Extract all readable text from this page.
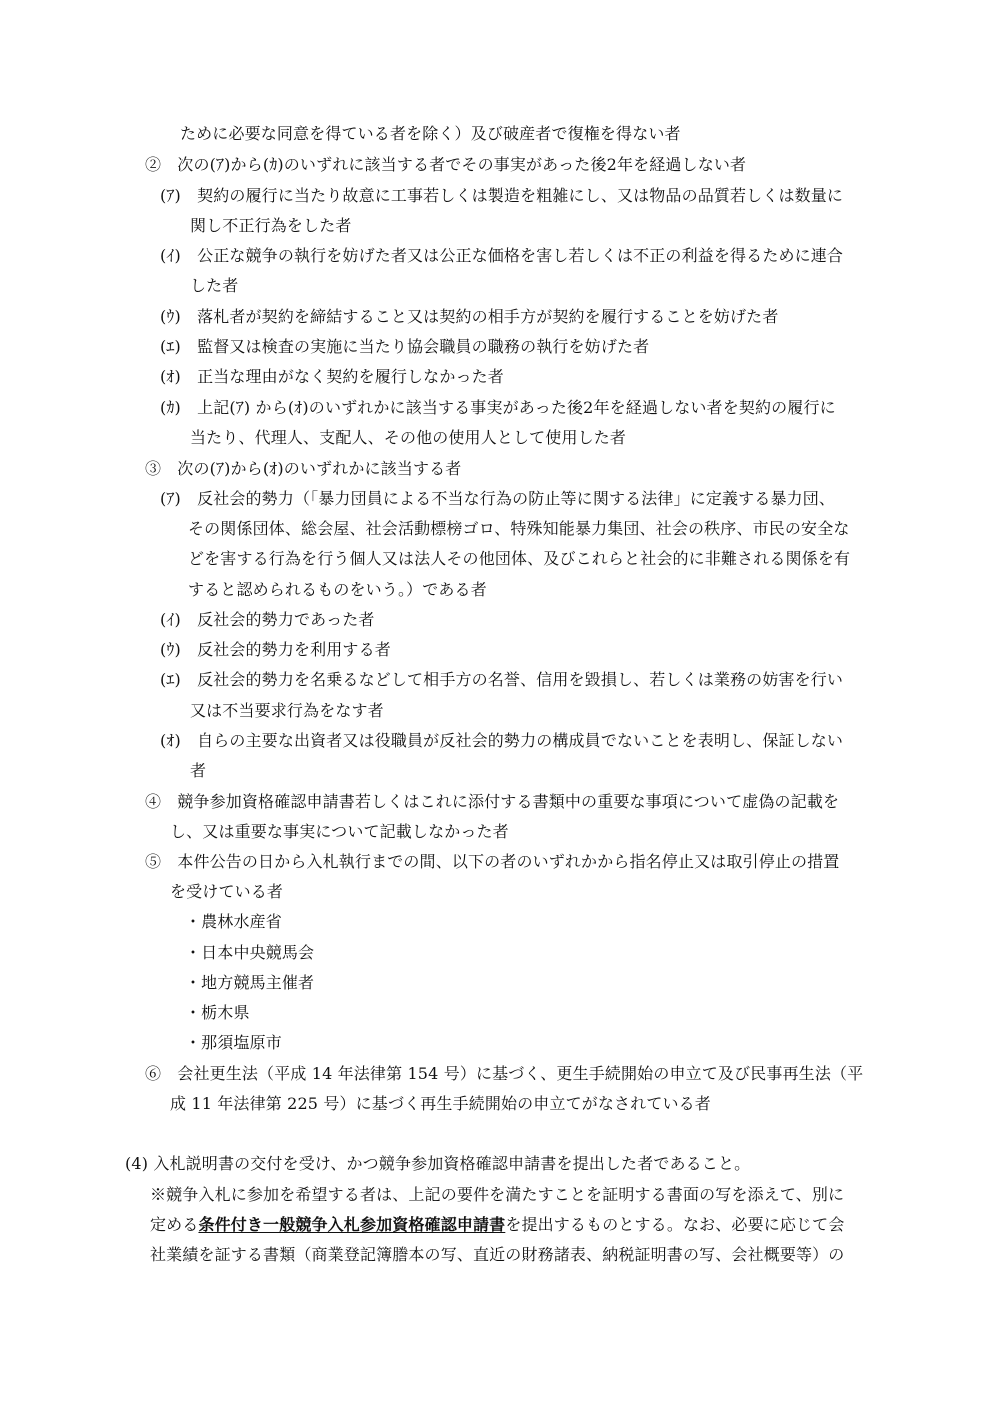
ために必要な同意を得ている者を除く）及び破産者で復権を得ない者

②　次の(ｱ)から(ｶ)のいずれに該当する者でその事実があった後2年を経過しない者

(ｱ)　契約の履行に当たり故意に工事若しくは製造を粗雑にし、又は物品の品質若しくは数量に

関し不正行為をした者

(ｲ)　公正な競争の執行を妨げた者又は公正な価格を害し若しくは不正の利益を得るために連合

した者

(ｳ)　落札者が契約を締結すること又は契約の相手方が契約を履行することを妨げた者

(ｴ)　監督又は検査の実施に当たり協会職員の職務の執行を妨げた者

(ｵ)　正当な理由がなく契約を履行しなかった者

(ｶ)　上記(ｱ) から(ｵ)のいずれかに該当する事実があった後2年を経過しない者を契約の履行に

当たり、代理人、支配人、その他の使用人として使用した者

③　次の(ｱ)から(ｵ)のいずれかに該当する者

(ｱ)　反社会的勢力（「暴力団員による不当な行為の防止等に関する法律」に定義する暴力団、

その関係団体、総会屋、社会活動標榜ゴロ、特殊知能暴力集団、社会の秩序、市民の安全な

どを害する行為を行う個人又は法人その他団体、及びこれらと社会的に非難される関係を有

すると認められるものをいう。）である者

(ｲ)　反社会的勢力であった者

(ｳ)　反社会的勢力を利用する者

(ｴ)　反社会的勢力を名乗るなどして相手方の名誉、信用を毀損し、若しくは業務の妨害を行い

又は不当要求行為をなす者

(ｵ)　自らの主要な出資者又は役職員が反社会的勢力の構成員でないことを表明し、保証しない

者

④　競争参加資格確認申請書若しくはこれに添付する書類中の重要な事項について虚偽の記載を

し、又は重要な事実について記載しなかった者

⑤　本件公告の日から入札執行までの間、以下の者のいずれかから指名停止又は取引停止の措置

を受けている者

・農林水産省

・日本中央競馬会

・地方競馬主催者

・栃木県

・那須塩原市

⑥　会社更生法（平成 14 年法律第 154 号）に基づく、更生手続開始の申立て及び民事再生法（平

成 11 年法律第 225 号）に基づく再生手続開始の申立てがなされている者

(4) 入札説明書の交付を受け、かつ競争参加資格確認申請書を提出した者であること。

※競争入札に参加を希望する者は、上記の要件を満たすことを証明する書面の写を添えて、別に

定める条件付き一般競争入札参加資格確認申請書を提出するものとする。なお、必要に応じて会

社業績を証する書類（商業登記簿謄本の写、直近の財務諸表、納税証明書の写、会社概要等）の
